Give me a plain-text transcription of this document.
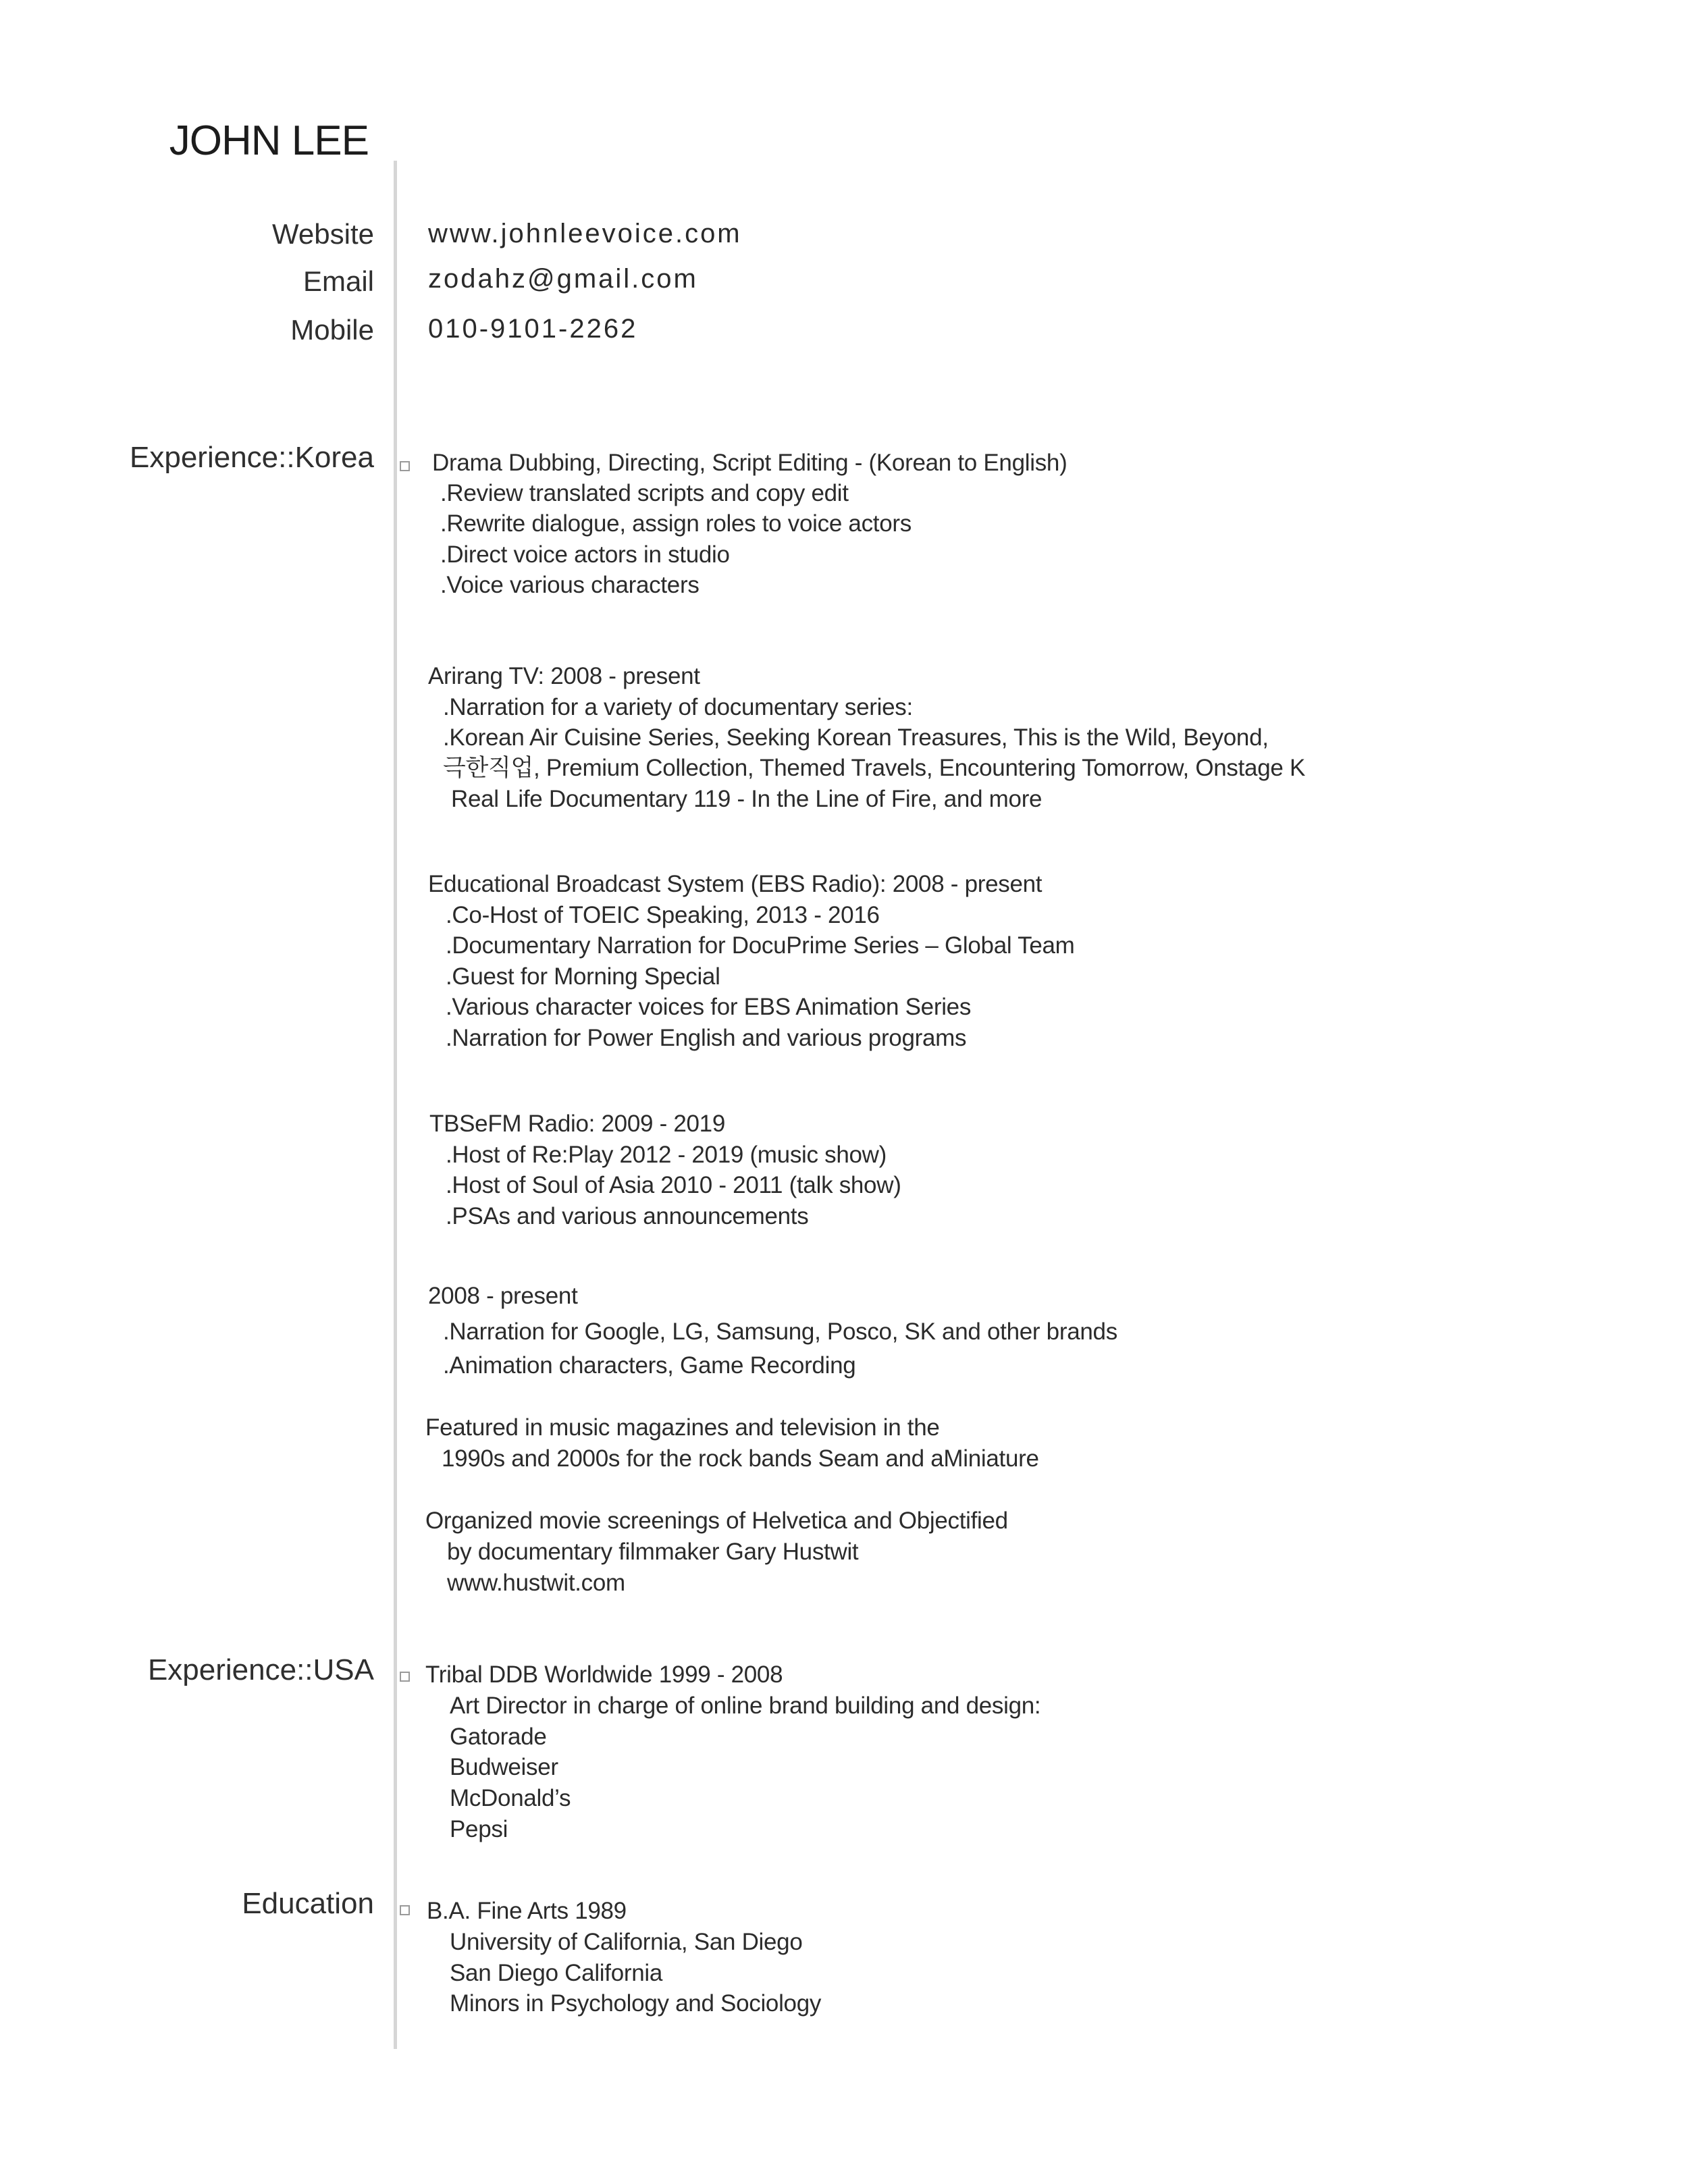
JOHN LEE
Website www.johnleevoice.com
Email zodahz@gmail.com
Mobile 010-9101-2262
Experience::Korea Drama Dubbing, Directing, Script Editing - (Korean to English)
.Review translated scripts and copy edit
.Rewrite dialogue, assign roles to voice actors
.Direct voice actors in studio
.Voice various characters
Arirang TV: 2008 - present
.Narration for a variety of documentary series:
.Korean Air Cuisine Series, Seeking Korean Treasures, This is the Wild, Beyond,
극한직업, Premium Collection, Themed Travels, Encountering Tomorrow, Onstage K
Real Life Documentary 119 - In the Line of Fire, and more
Educational Broadcast System (EBS Radio): 2008 - present
.Co-Host of TOEIC Speaking, 2013 - 2016
.Documentary Narration for DocuPrime Series – Global Team
.Guest for Morning Special
.Various character voices for EBS Animation Series
.Narration for Power English and various programs
TBSeFM Radio: 2009 - 2019
.Host of Re:Play 2012 - 2019 (music show)
.Host of Soul of Asia 2010 - 2011 (talk show)
.PSAs and various announcements
2008 - present
.Narration for Google, LG, Samsung, Posco, SK and other brands
.Animation characters, Game Recording
Featured in music magazines and television in the
1990s and 2000s for the rock bands Seam and aMiniature
Organized movie screenings of Helvetica and Objectified
by documentary filmmaker Gary Hustwit
www.hustwit.com
Experience::USA Tribal DDB Worldwide 1999 - 2008
Art Director in charge of online brand building and design:
Gatorade
Budweiser
McDonald’s
Pepsi
Education B.A. Fine Arts 1989
University of California, San Diego
San Diego California
Minors in Psychology and Sociology
